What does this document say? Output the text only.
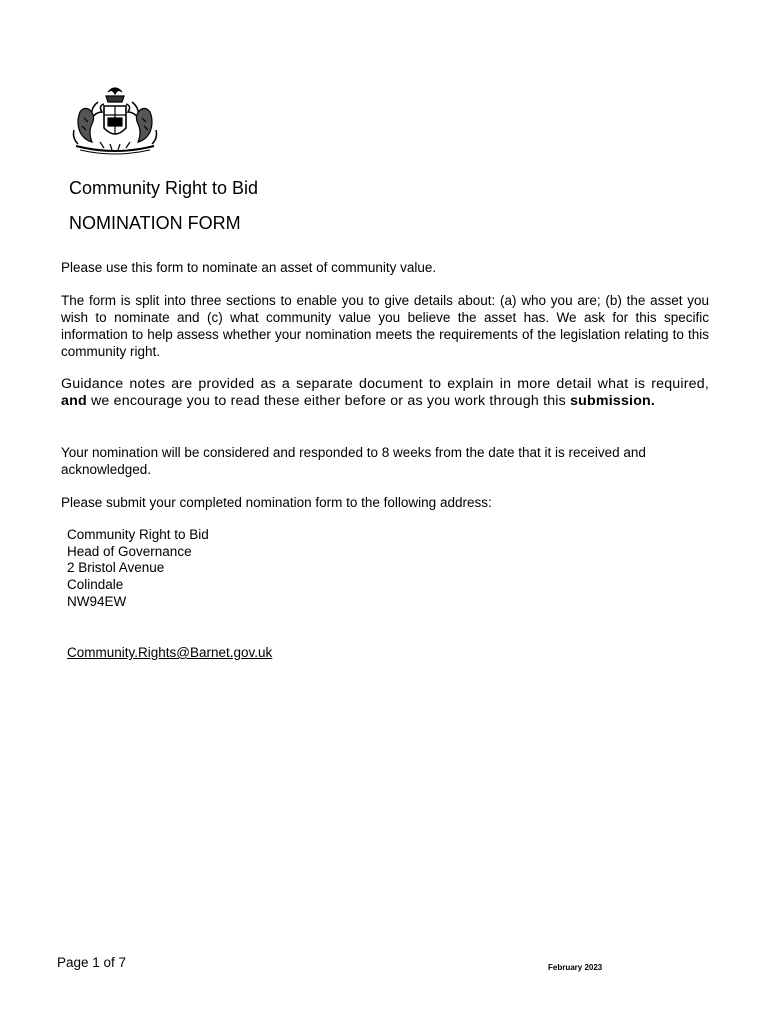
Community Right to Bid
NOMINATION FORM

Please use this form to nominate an asset of community value.

The form is split into three sections to enable you to give details about: (a) who you are; (b) the asset you wish to nominate and (c) what community value you believe the asset has. We ask for this specific information to help assess whether your nomination meets the requirements of the legislation relating to this community right.

Guidance notes are provided as a separate document to explain in more detail what is required, and we encourage you to read these either before or as you work through this submission.

Your nomination will be considered and responded to 8 weeks from the date that it is received and acknowledged.

Please submit your completed nomination form to the following address:

Community Right to Bid
Head of Governance
2 Bristol Avenue
Colindale
NW94EW
Community.Rights@Barnet.gov.uk
Page 1 of 7	February 2023
